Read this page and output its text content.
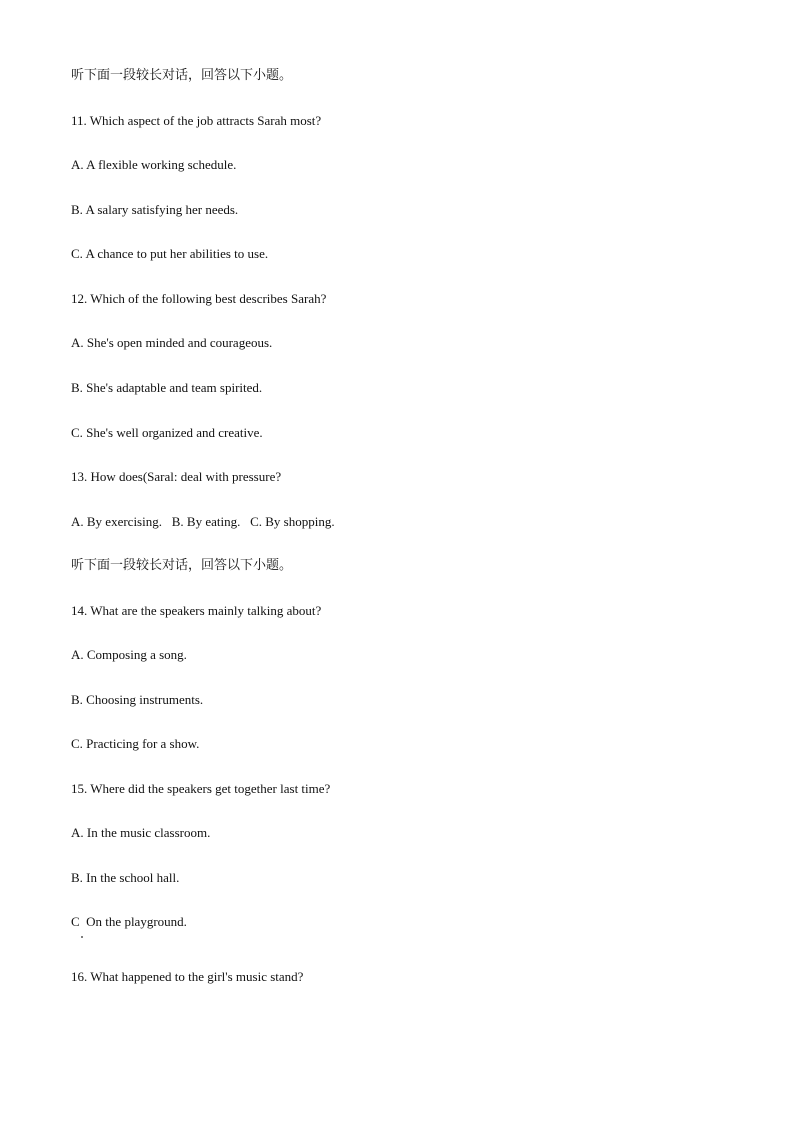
听下面一段较长对话，回答以下小题。
11. Which aspect of the job attracts Sarah most?
A. A flexible working schedule.
B. A salary satisfying her needs.
C. A chance to put her abilities to use.
12. Which of the following best describes Sarah?
A. She's open minded and courageous.
B. She's adaptable and team spirited.
C. She's well organized and creative.
13. How does(Saral: deal with pressure?
A. By exercising.   B. By eating.   C. By shopping.
听下面一段较长对话，回答以下小题。
14. What are the speakers mainly talking about?
A. Composing a song.
B. Choosing instruments.
C. Practicing for a show.
15. Where did the speakers get together last time?
A. In the music classroom.
B. In the school hall.
C  On the playground.
16. What happened to the girl's music stand?
